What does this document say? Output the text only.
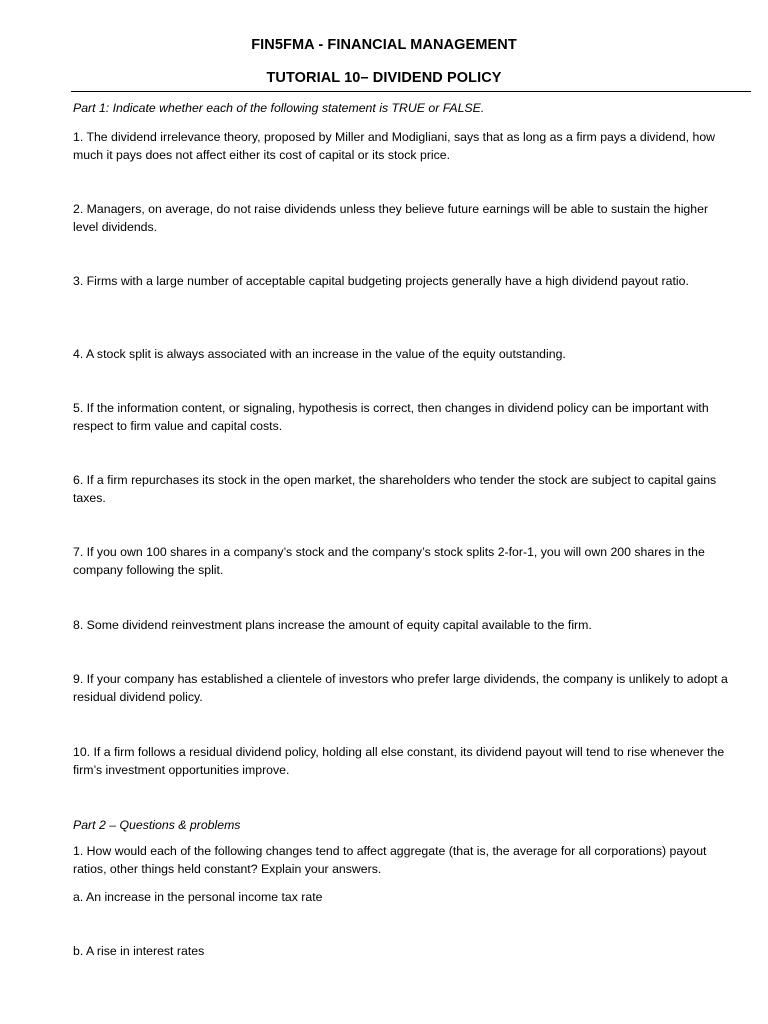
FIN5FMA - FINANCIAL MANAGEMENT
TUTORIAL 10– DIVIDEND POLICY

Part 1: Indicate whether each of the following statement is TRUE or FALSE.

1. The dividend irrelevance theory, proposed by Miller and Modigliani, says that as long as a firm pays a dividend, how much it pays does not affect either its cost of capital or its stock price.

2. Managers, on average, do not raise dividends unless they believe future earnings will be able to sustain the higher level dividends.

3. Firms with a large number of acceptable capital budgeting projects generally have a high dividend payout ratio.

4. A stock split is always associated with an increase in the value of the equity outstanding.

5. If the information content, or signaling, hypothesis is correct, then changes in dividend policy can be important with respect to firm value and capital costs.

6. If a firm repurchases its stock in the open market, the shareholders who tender the stock are subject to capital gains taxes.

7. If you own 100 shares in a company’s stock and the company’s stock splits 2-for-1, you will own 200 shares in the company following the split.

8. Some dividend reinvestment plans increase the amount of equity capital available to the firm.

9. If your company has established a clientele of investors who prefer large dividends, the company is unlikely to adopt a residual dividend policy.

10. If a firm follows a residual dividend policy, holding all else constant, its dividend payout will tend to rise whenever the firm’s investment opportunities improve.

Part 2 – Questions & problems

1. How would each of the following changes tend to affect aggregate (that is, the average for all corporations) payout ratios, other things held constant? Explain your answers.

a. An increase in the personal income tax rate

b. A rise in interest rates
